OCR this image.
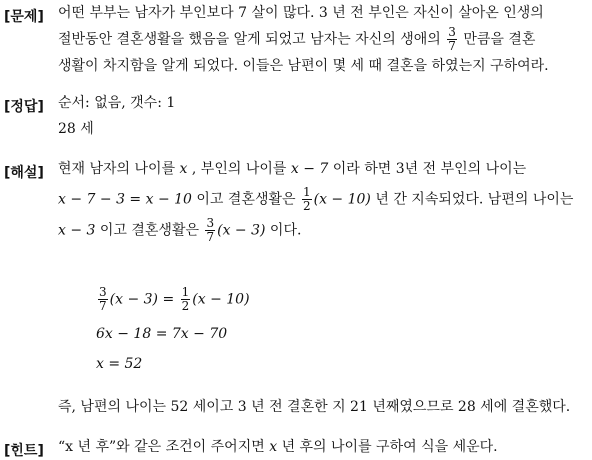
[문제] 어떤 부부는 남자가 부인보다 7 살이 많다. 3 년 전 부인은 자신이 살아온 인생의
절반동안 결혼생활을 했음을 알게 되었고 남자는 자신의 생애의 $\frac{3}{7}$ 만큼을 결혼
생활이 차지함을 알게 되었다. 이들은 남편이 몇 세 때 결혼을 하였는지 구하여라.
[정답] 순서: 없음, 갯수: 1
28 세
[해설] 현재 남자의 나이를 x , 부인의 나이를 x − 7 이라 하면 3년 전 부인의 나이는
x − 7 − 3 = x − 10 이고 결혼생활은 $\frac{1}{2} (x - 10)$ 년 간 지속되었다. 남편의 나이는
x − 3 이고 결혼생활은 $\frac{3}{7} (x - 3)$ 이다.
$\frac{3}{7} (x - 3) = \frac{1}{2} (x - 10)$
6x − 18 = 7x − 70
x = 52
즉, 남편의 나이는 52 세이고 3 년 전 결혼한 지 21 년째였으므로 28 세에 결혼했다.
[힌트] “x 년 후”와 같은 조건이 주어지면 x 년 후의 나이를 구하여 식을 세운다.
